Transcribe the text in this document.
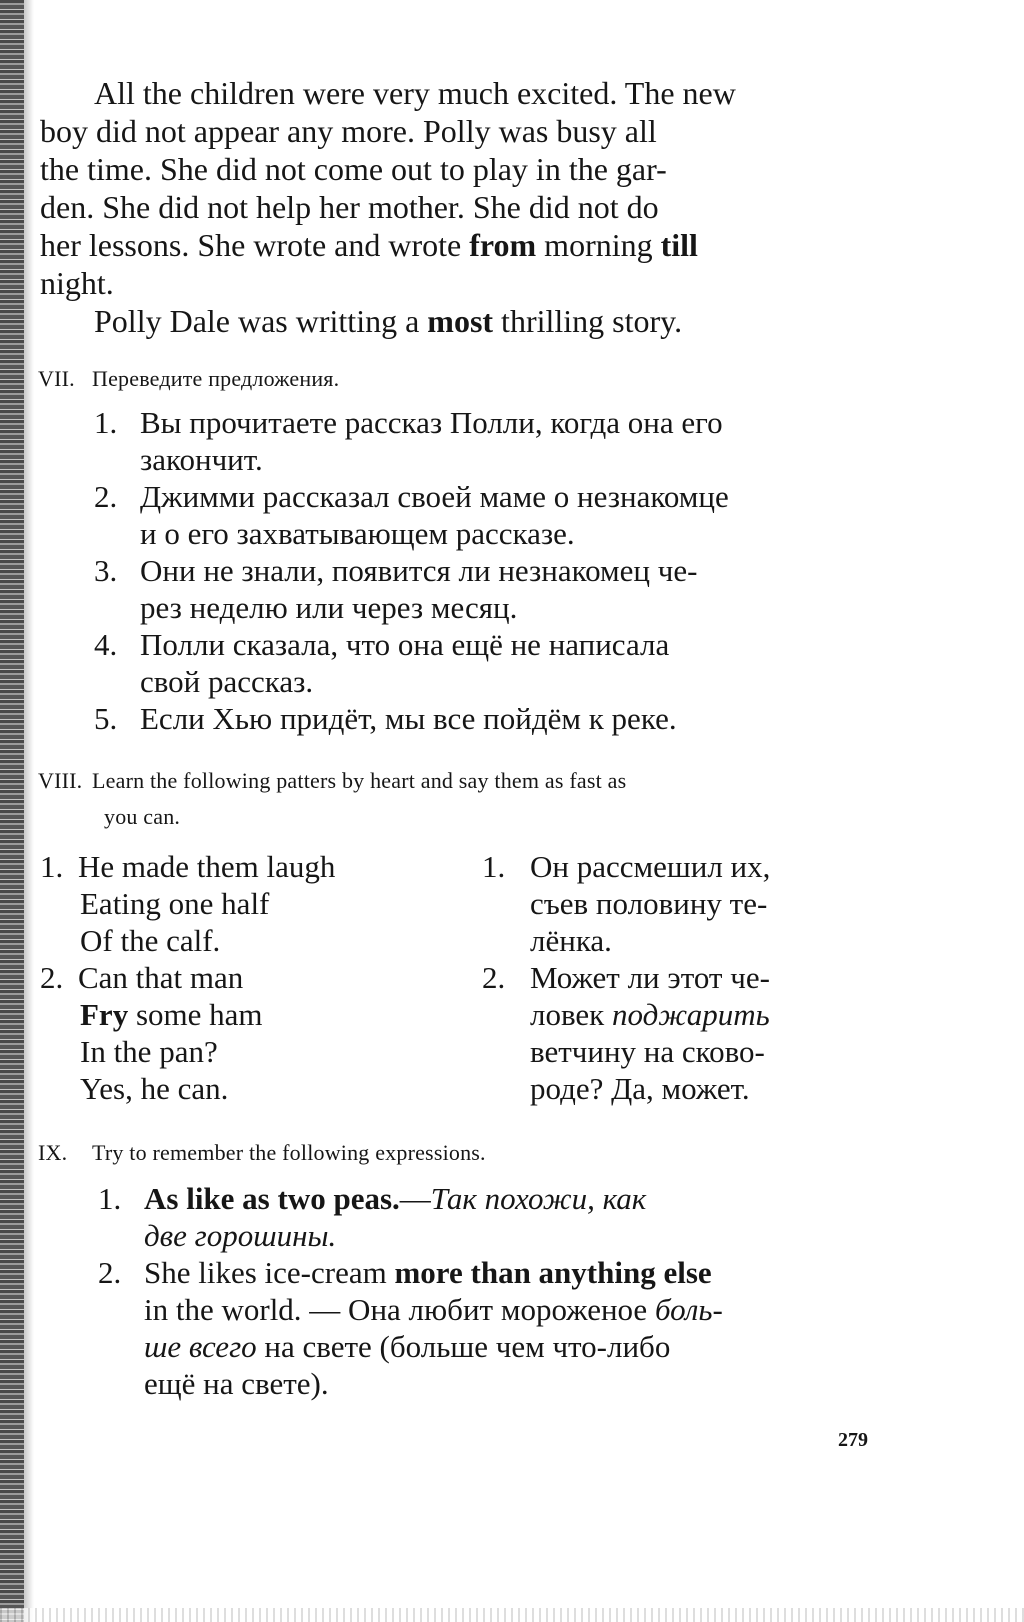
All the children were very much excited. The new

boy did not appear any more. Polly was busy all

the time. She did not come out to play in the gar-

den. She did not help her mother. She did not do

her lessons. She wrote and wrote from morning till

night.

Polly Dale was writting a most thrilling story.

VII. Переведите предложения.
1. Вы прочитаете рассказ Полли, когда она его
закончит.
2. Джимми рассказал своей маме о незнакомце
и о его захватывающем рассказе.
3. Они не знали, появится ли незнакомец че-
рез неделю или через месяц.
4. Полли сказала, что она ещё не написала
свой рассказ.
5. Если Хью придёт, мы все пойдём к реке.
VIII. Learn the following patters by heart and say them as fast as
you can.
1. He made them laugh
Eating one half
Of the calf.
2. Can that man
Fry some ham
In the pan?
Yes, he can.
1. Он рассмешил их,
съев половину те-
лёнка.
2. Может ли этот че-
ловек поджарить
ветчину на сково-
роде? Да, может.
IX. Try to remember the following expressions.
1. As like as two peas.—Так похожи, как
две горошины.
2. She likes ice-cream more than anything else
in the world. — Она любит мороженое боль-
ше всего на свете (больше чем что-либо
ещё на свете).
279
